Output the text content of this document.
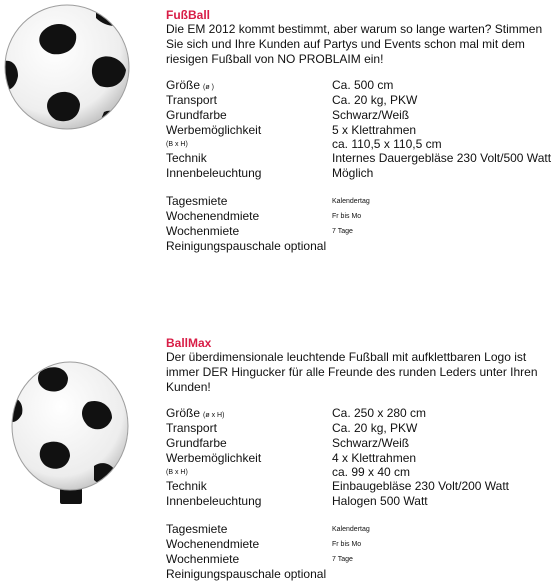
FußBall

Die EM 2012 kommt bestimmt, aber warum so lange warten? Stimmen Sie sich und Ihre Kunden auf Partys und Events schon mal mit dem riesigen Fußball von NO PROBLAIM ein!

Größe (ø )	Ca. 500 cm
Transport	Ca. 20 kg, PKW
Grundfarbe	Schwarz/Weiß
Werbemöglichkeit	5 x Klettrahmen
(B x H)	ca. 110,5 x 110,5 cm
Technik	Internes Dauergebläse 230 Volt/500 Watt
Innenbeleuchtung	Möglich
Tagesmiete	Kalendertag
Wochenendmiete	Fr bis Mo
Wochenmiete	7 Tage
Reinigungspauschale optional
BallMax

Der überdimensionale leuchtende Fußball mit aufklettbaren Logo ist immer DER Hingucker für alle Freunde des runden Leders unter Ihren Kunden!

Größe (ø x H)	Ca. 250 x 280 cm
Transport	Ca. 20 kg, PKW
Grundfarbe	Schwarz/Weiß
Werbemöglichkeit	4 x Klettrahmen
(B x H)	ca. 99 x 40 cm
Technik	Einbaugebläse 230 Volt/200 Watt
Innenbeleuchtung	Halogen 500 Watt
Tagesmiete	Kalendertag
Wochenendmiete	Fr bis Mo
Wochenmiete	7 Tage
Reinigungspauschale optional
